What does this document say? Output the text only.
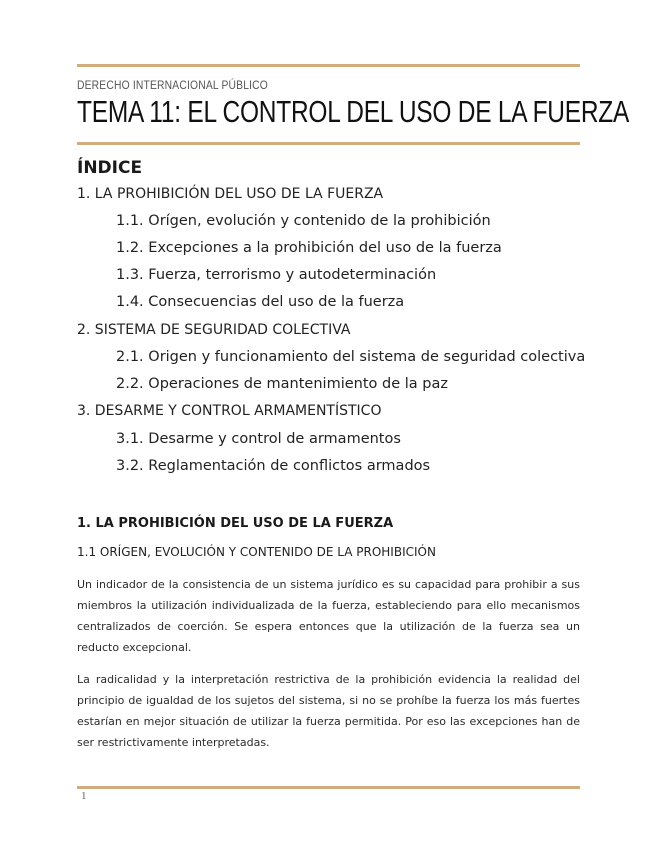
DERECHO INTERNACIONAL PÚBLICO
TEMA 11: EL CONTROL DEL USO DE LA FUERZA
ÍNDICE
1. LA PROHIBICIÓN DEL USO DE LA FUERZA
1.1. Orígen, evolución y contenido de la prohibición
1.2. Excepciones a la prohibición del uso de la fuerza
1.3. Fuerza, terrorismo y autodeterminación
1.4. Consecuencias del uso de la fuerza
2. SISTEMA DE SEGURIDAD COLECTIVA
2.1. Origen y funcionamiento del sistema de seguridad colectiva
2.2. Operaciones de mantenimiento de la paz
3. DESARME Y CONTROL ARMAMENTÍSTICO
3.1. Desarme y control de armamentos
3.2. Reglamentación de conflictos armados
1. LA PROHIBICIÓN DEL USO DE LA FUERZA
1.1 ORÍGEN, EVOLUCIÓN Y CONTENIDO DE LA PROHIBICIÓN

Un indicador de la consistencia de un sistema jurídico es su capacidad para prohibir a sus miembros la utilización individualizada de la fuerza, estableciendo para ello mecanismos centralizados de coerción. Se espera entonces que la utilización de la fuerza sea un reducto excepcional.

La radicalidad y la interpretación restrictiva de la prohibición evidencia la realidad del principio de igualdad de los sujetos del sistema, si no se prohíbe la fuerza los más fuertes estarían en mejor situación de utilizar la fuerza permitida. Por eso las excepciones han de ser restrictivamente interpretadas.

1
